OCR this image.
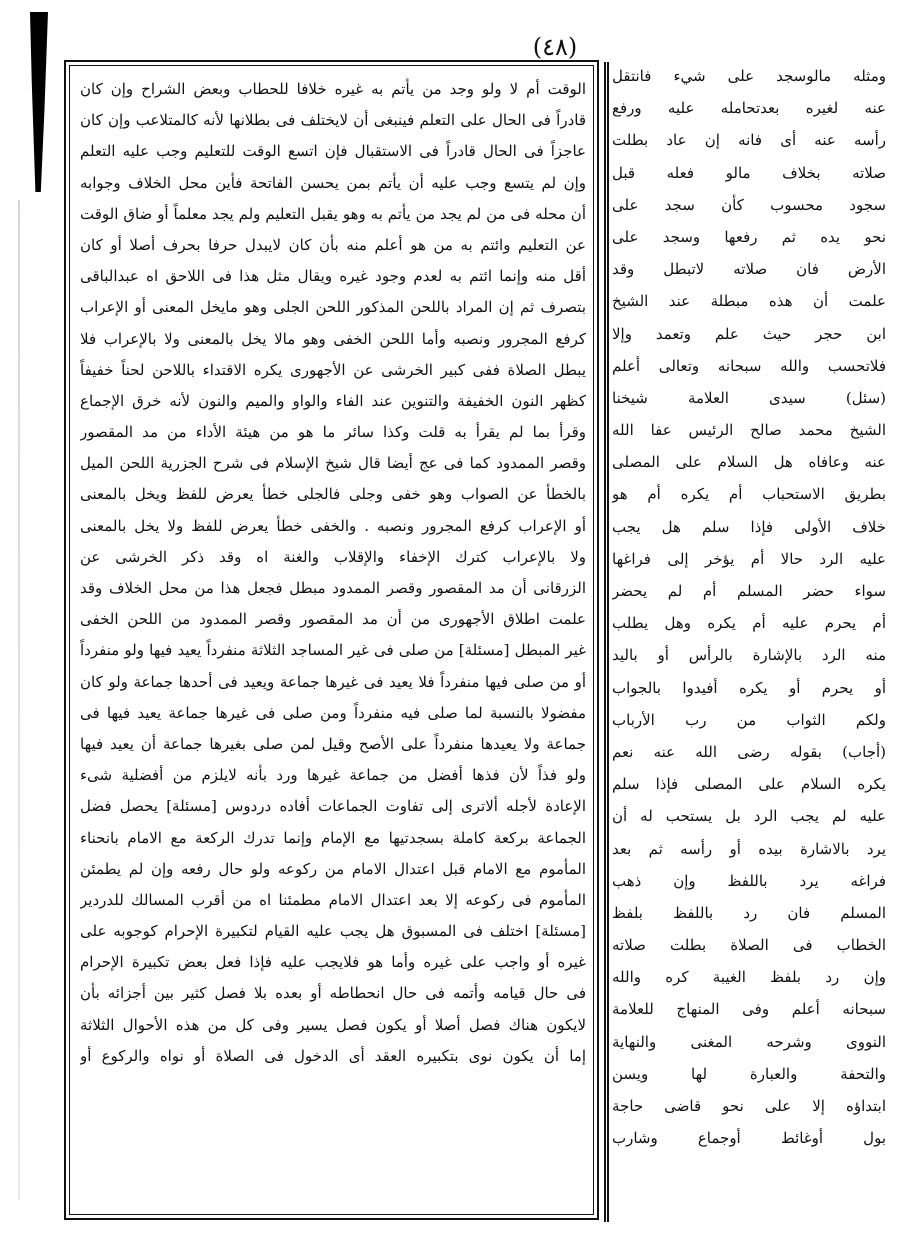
(٤٨)
الوقت أم لا ولو وجد من يأتم به غيره خلافا للحطاب وبعض الشراح وإن كان
قادراً فى الحال على التعلم فينبغى أن لايختلف فى بطلانها لأنه كالمتلاعب وإن كان
عاجزاً فى الحال قادراً فى الاستقبال فإن اتسع الوقت للتعليم وجب عليه التعلم
وإن لم يتسع وجب عليه أن يأتم بمن يحسن الفاتحة فأين محل الخلاف وجوابه
أن محله فى من لم يجد من يأتم به وهو يقبل التعليم ولم يجد معلماً أو ضاق الوقت
عن التعليم وائتم به من هو أعلم منه بأن كان لايبدل حرفا بحرف أصلا أو كان
أقل منه وإنما ائتم به لعدم وجود غيره ويقال مثل هذا فى اللاحق اه عبدالباقى
بتصرف ثم إن المراد باللحن المذكور اللحن الجلى وهو مايخل المعنى أو الإعراب
كرفع المجرور ونصبه وأما اللحن الخفى وهو مالا يخل بالمعنى ولا بالإعراب فلا
يبطل الصلاة ففى كبير الخرشى عن الأجهورى يكره الاقتداء باللاحن لحناً خفيفاً
كظهر النون الخفيفة والتنوين عند الفاء والواو والميم والنون لأنه خرق الإجماع
وقرأ بما لم يقرأ به قلت وكذا سائر ما هو من هيئة الأداء من مد المقصور
وقصر الممدود كما فى عج أيضا قال شيخ الإسلام فى شرح الجزرية اللحن الميل
بالخطأ عن الصواب وهو خفى وجلى فالجلى خطأ يعرض للفظ ويخل بالمعنى
أو الإعراب كرفع المجرور ونصبه . والخفى خطأ يعرض للفظ ولا يخل بالمعنى
ولا بالإعراب كترك الإخفاء والإقلاب والغنة اه وقد ذكر الخرشى عن
الزرقانى أن مد المقصور وقصر الممدود مبطل فجعل هذا من محل الخلاف وقد
علمت اطلاق الأجهورى من أن مد المقصور وقصر الممدود من اللحن الخفى
غير المبطل [مسئلة] من صلى فى غير المساجد الثلاثة منفرداً يعيد فيها ولو منفرداً
أو من صلى فيها منفرداً فلا يعيد فى غيرها جماعة ويعيد فى أحدها جماعة ولو كان
مفضولا بالنسبة لما صلى فيه منفرداً ومن صلى فى غيرها جماعة يعيد فيها فى
جماعة ولا يعيدها منفرداً على الأصح وقيل لمن صلى بغيرها جماعة أن يعيد فيها
ولو فذاً لأن فذها أفضل من جماعة غيرها ورد بأنه لايلزم من أفضلية شىء
الإعادة لأجله ألاترى إلى تفاوت الجماعات أفاده دردوس [مسئلة] يحصل فضل
الجماعة بركعة كاملة بسجدتيها مع الإمام وإنما تدرك الركعة مع الامام بانحناء
المأموم مع الامام قبل اعتدال الامام من ركوعه ولو حال رفعه وإن لم يطمئن
المأموم فى ركوعه إلا بعد اعتدال الامام مطمئنا اه من أقرب المسالك للدردير
[مسئلة] اختلف فى المسبوق هل يجب عليه القيام لتكبيرة الإحرام كوجوبه على
غيره أو واجب على غيره وأما هو فلايجب عليه فإذا فعل بعض تكبيرة الإحرام
فى حال قيامه وأتمه فى حال انحطاطه أو بعده بلا فصل كثير بين أجزائه بأن
لايكون هناك فصل أصلا أو يكون فصل يسير وفى كل من هذه الأحوال الثلاثة
إما أن يكون نوى بتكبيره العقد أى الدخول فى الصلاة أو نواه والركوع أو
ومثله مالوسجد على شيء فانتقل
عنه لغيره بعدتحامله عليه ورفع
رأسه عنه أى فانه إن عاد بطلت
صلاته بخلاف مالو فعله قبل
سجود محسوب كأن سجد على
نحو يده ثم رفعها وسجد على
الأرض فان صلاته لاتبطل وقد
علمت أن هذه مبطلة عند الشيخ
ابن حجر حيث علم وتعمد وإلا
فلاتحسب والله سبحانه وتعالى أعلم
(سئل) سيدى العلامة شيخنا
الشيخ محمد صالح الرئيس عفا الله
عنه وعافاه هل السلام على المصلى
بطريق الاستحباب أم يكره أم هو
خلاف الأولى فإذا سلم هل يجب
عليه الرد حالا أم يؤخر إلى فراغها
سواء حضر المسلم أم لم يحضر
أم يحرم عليه أم يكره وهل يطلب
منه الرد بالإشارة بالرأس أو باليد
أو يحرم أو يكره أفيدوا بالجواب
ولكم الثواب من رب الأرباب
(أجاب) بقوله رضى الله عنه نعم
يكره السلام على المصلى فإذا سلم
عليه لم يجب الرد بل يستحب له أن
يرد بالاشارة بيده أو رأسه ثم بعد
فراغه يرد باللفظ وإن ذهب
المسلم فان رد باللفظ بلفظ
الخطاب فى الصلاة بطلت صلاته
وإن رد بلفظ الغيبة كره والله
سبحانه أعلم وفى المنهاج للعلامة
النووى وشرحه المغنى والنهاية
والتحفة والعبارة لها ويسن
ابتداؤه إلا على نحو قاضى حاجة
بول أوغائط أوجماع وشارب
